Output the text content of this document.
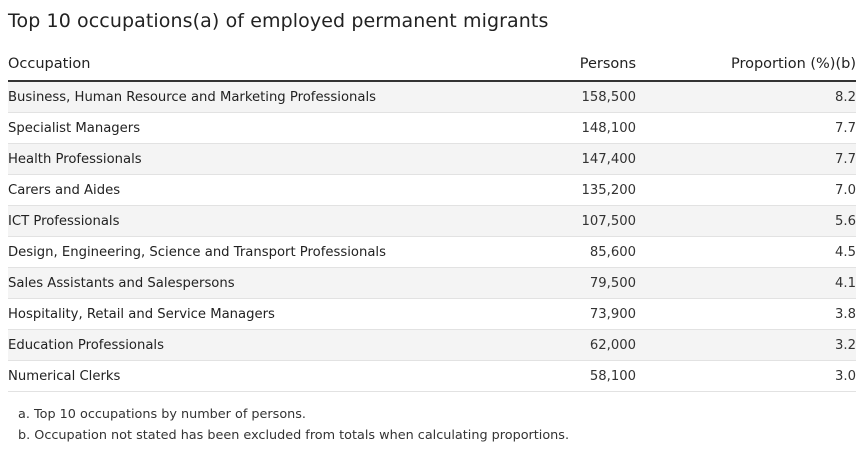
Top 10 occupations(a) of employed permanent migrants
Occupation	Persons	Proportion (%)(b)
Business, Human Resource and Marketing Professionals	158,500	8.2
Specialist Managers	148,100	7.7
Health Professionals	147,400	7.7
Carers and Aides	135,200	7.0
ICT Professionals	107,500	5.6
Design, Engineering, Science and Transport Professionals	85,600	4.5
Sales Assistants and Salespersons	79,500	4.1
Hospitality, Retail and Service Managers	73,900	3.8
Education Professionals	62,000	3.2
Numerical Clerks	58,100	3.0
a. Top 10 occupations by number of persons.
b. Occupation not stated has been excluded from totals when calculating proportions.
